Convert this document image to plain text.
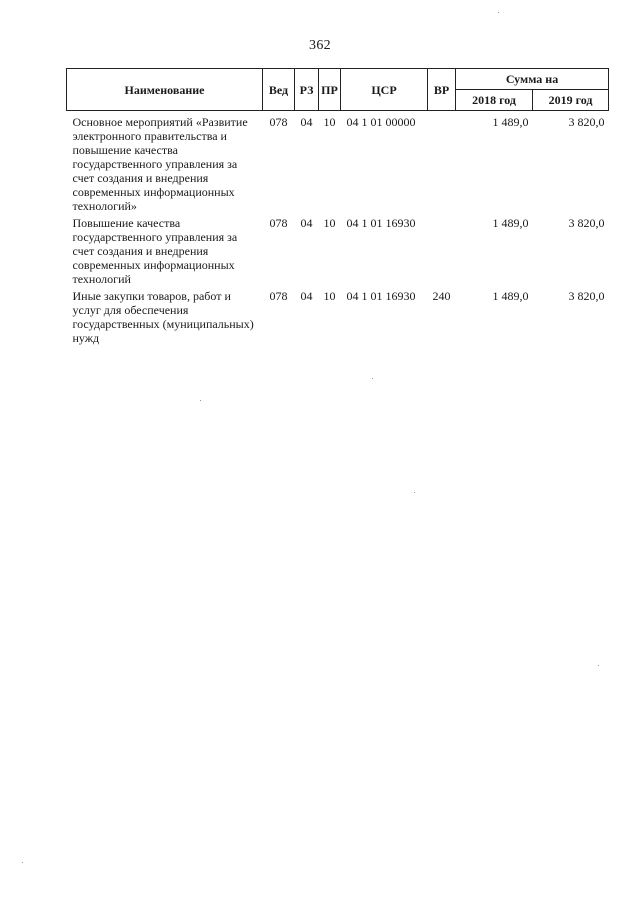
362
Наименование	Вед	РЗ	ПР	ЦСР	ВР	Сумма на	
						2018 год	2019 год
Основное мероприятий «Развитие электронного правительства и повышение качества государственного управления за счет создания и внедрения современных информационных технологий»	078	04	10	04 1 01 00000		1 489,0	3 820,0
Повышение качества государственного управления за счет создания и внедрения современных информационных технологий	078	04	10	04 1 01 16930		1 489,0	3 820,0
Иные закупки товаров, работ и услуг для обеспечения государственных (муниципальных) нужд	078	04	10	04 1 01 16930	240	1 489,0	3 820,0
